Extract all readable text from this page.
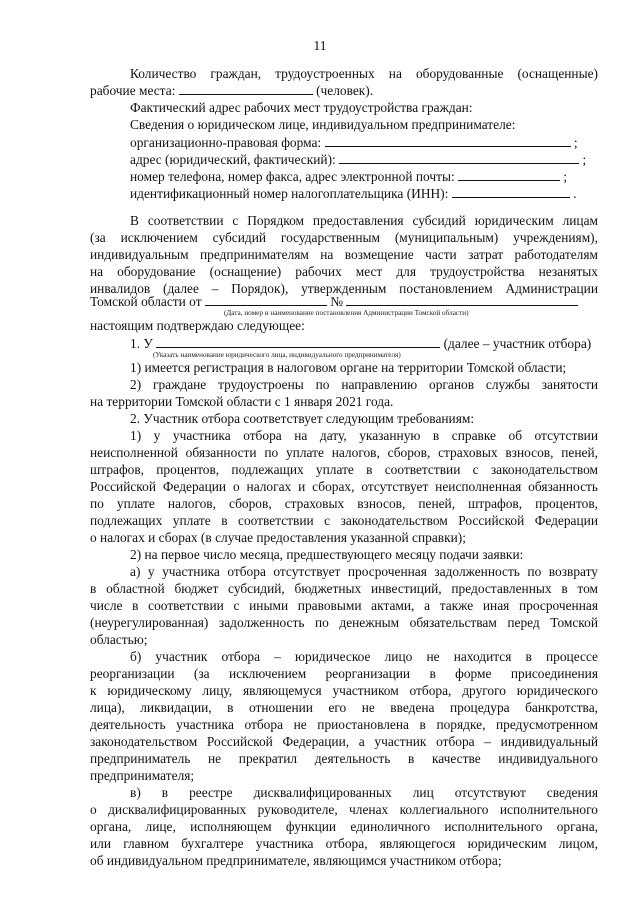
11
Количество граждан, трудоустроенных на оборудованные (оснащенные)
рабочие места:	(человек).
Фактический адрес рабочих мест трудоустройства граждан:
Сведения о юридическом лице, индивидуальном предпринимателе:
организационно-правовая форма:	;
адрес (юридический, фактический):	;
номер телефона, номер факса, адрес электронной почты:	;
идентификационный номер налогоплательщика (ИНН):	.
В соответствии с Порядком предоставления субсидий юридическим лицам
(за исключением субсидий государственным (муниципальным) учреждениям),
индивидуальным предпринимателям на возмещение части затрат работодателям
на оборудование (оснащение) рабочих мест для трудоустройства незанятых
инвалидов (далее – Порядок), утвержденным постановлением Администрации
Томской области от	№
(Дата, номер и наименование постановления Администрации Томской области)
настоящим подтверждаю следующее:
1. У	(далее – участник отбора)
(Указать наименование юридического лица, индивидуального предпринимателя)
1) имеется регистрация в налоговом органе на территории Томской области;
2) граждане трудоустроены по направлению органов службы занятости
на территории Томской области с 1 января 2021 года.
2. Участник отбора соответствует следующим требованиям:
1) у участника отбора на дату, указанную в справке об отсутствии
неисполненной обязанности по уплате налогов, сборов, страховых взносов, пеней,
штрафов, процентов, подлежащих уплате в соответствии с законодательством
Российской Федерации о налогах и сборах, отсутствует неисполненная обязанность
по уплате налогов, сборов, страховых взносов, пеней, штрафов, процентов,
подлежащих уплате в соответствии с законодательством Российской Федерации
о налогах и сборах (в случае предоставления указанной справки);
2) на первое число месяца, предшествующего месяцу подачи заявки:
а) у участника отбора отсутствует просроченная задолженность по возврату
в областной бюджет субсидий, бюджетных инвестиций, предоставленных в том
числе в соответствии с иными правовыми актами, а также иная просроченная
(неурегулированная) задолженность по денежным обязательствам перед Томской
областью;
б) участник отбора – юридическое лицо не находится в процессе
реорганизации (за исключением реорганизации в форме присоединения
к юридическому лицу, являющемуся участником отбора, другого юридического
лица), ликвидации, в отношении его не введена процедура банкротства,
деятельность участника отбора не приостановлена в порядке, предусмотренном
законодательством Российской Федерации, а участник отбора – индивидуальный
предприниматель не прекратил деятельность в качестве индивидуального
предпринимателя;
в) в реестре дисквалифицированных лиц отсутствуют сведения
о дисквалифицированных руководителе, членах коллегиального исполнительного
органа, лице, исполняющем функции единоличного исполнительного органа,
или главном бухгалтере участника отбора, являющегося юридическим лицом,
об индивидуальном предпринимателе, являющимся участником отбора;
